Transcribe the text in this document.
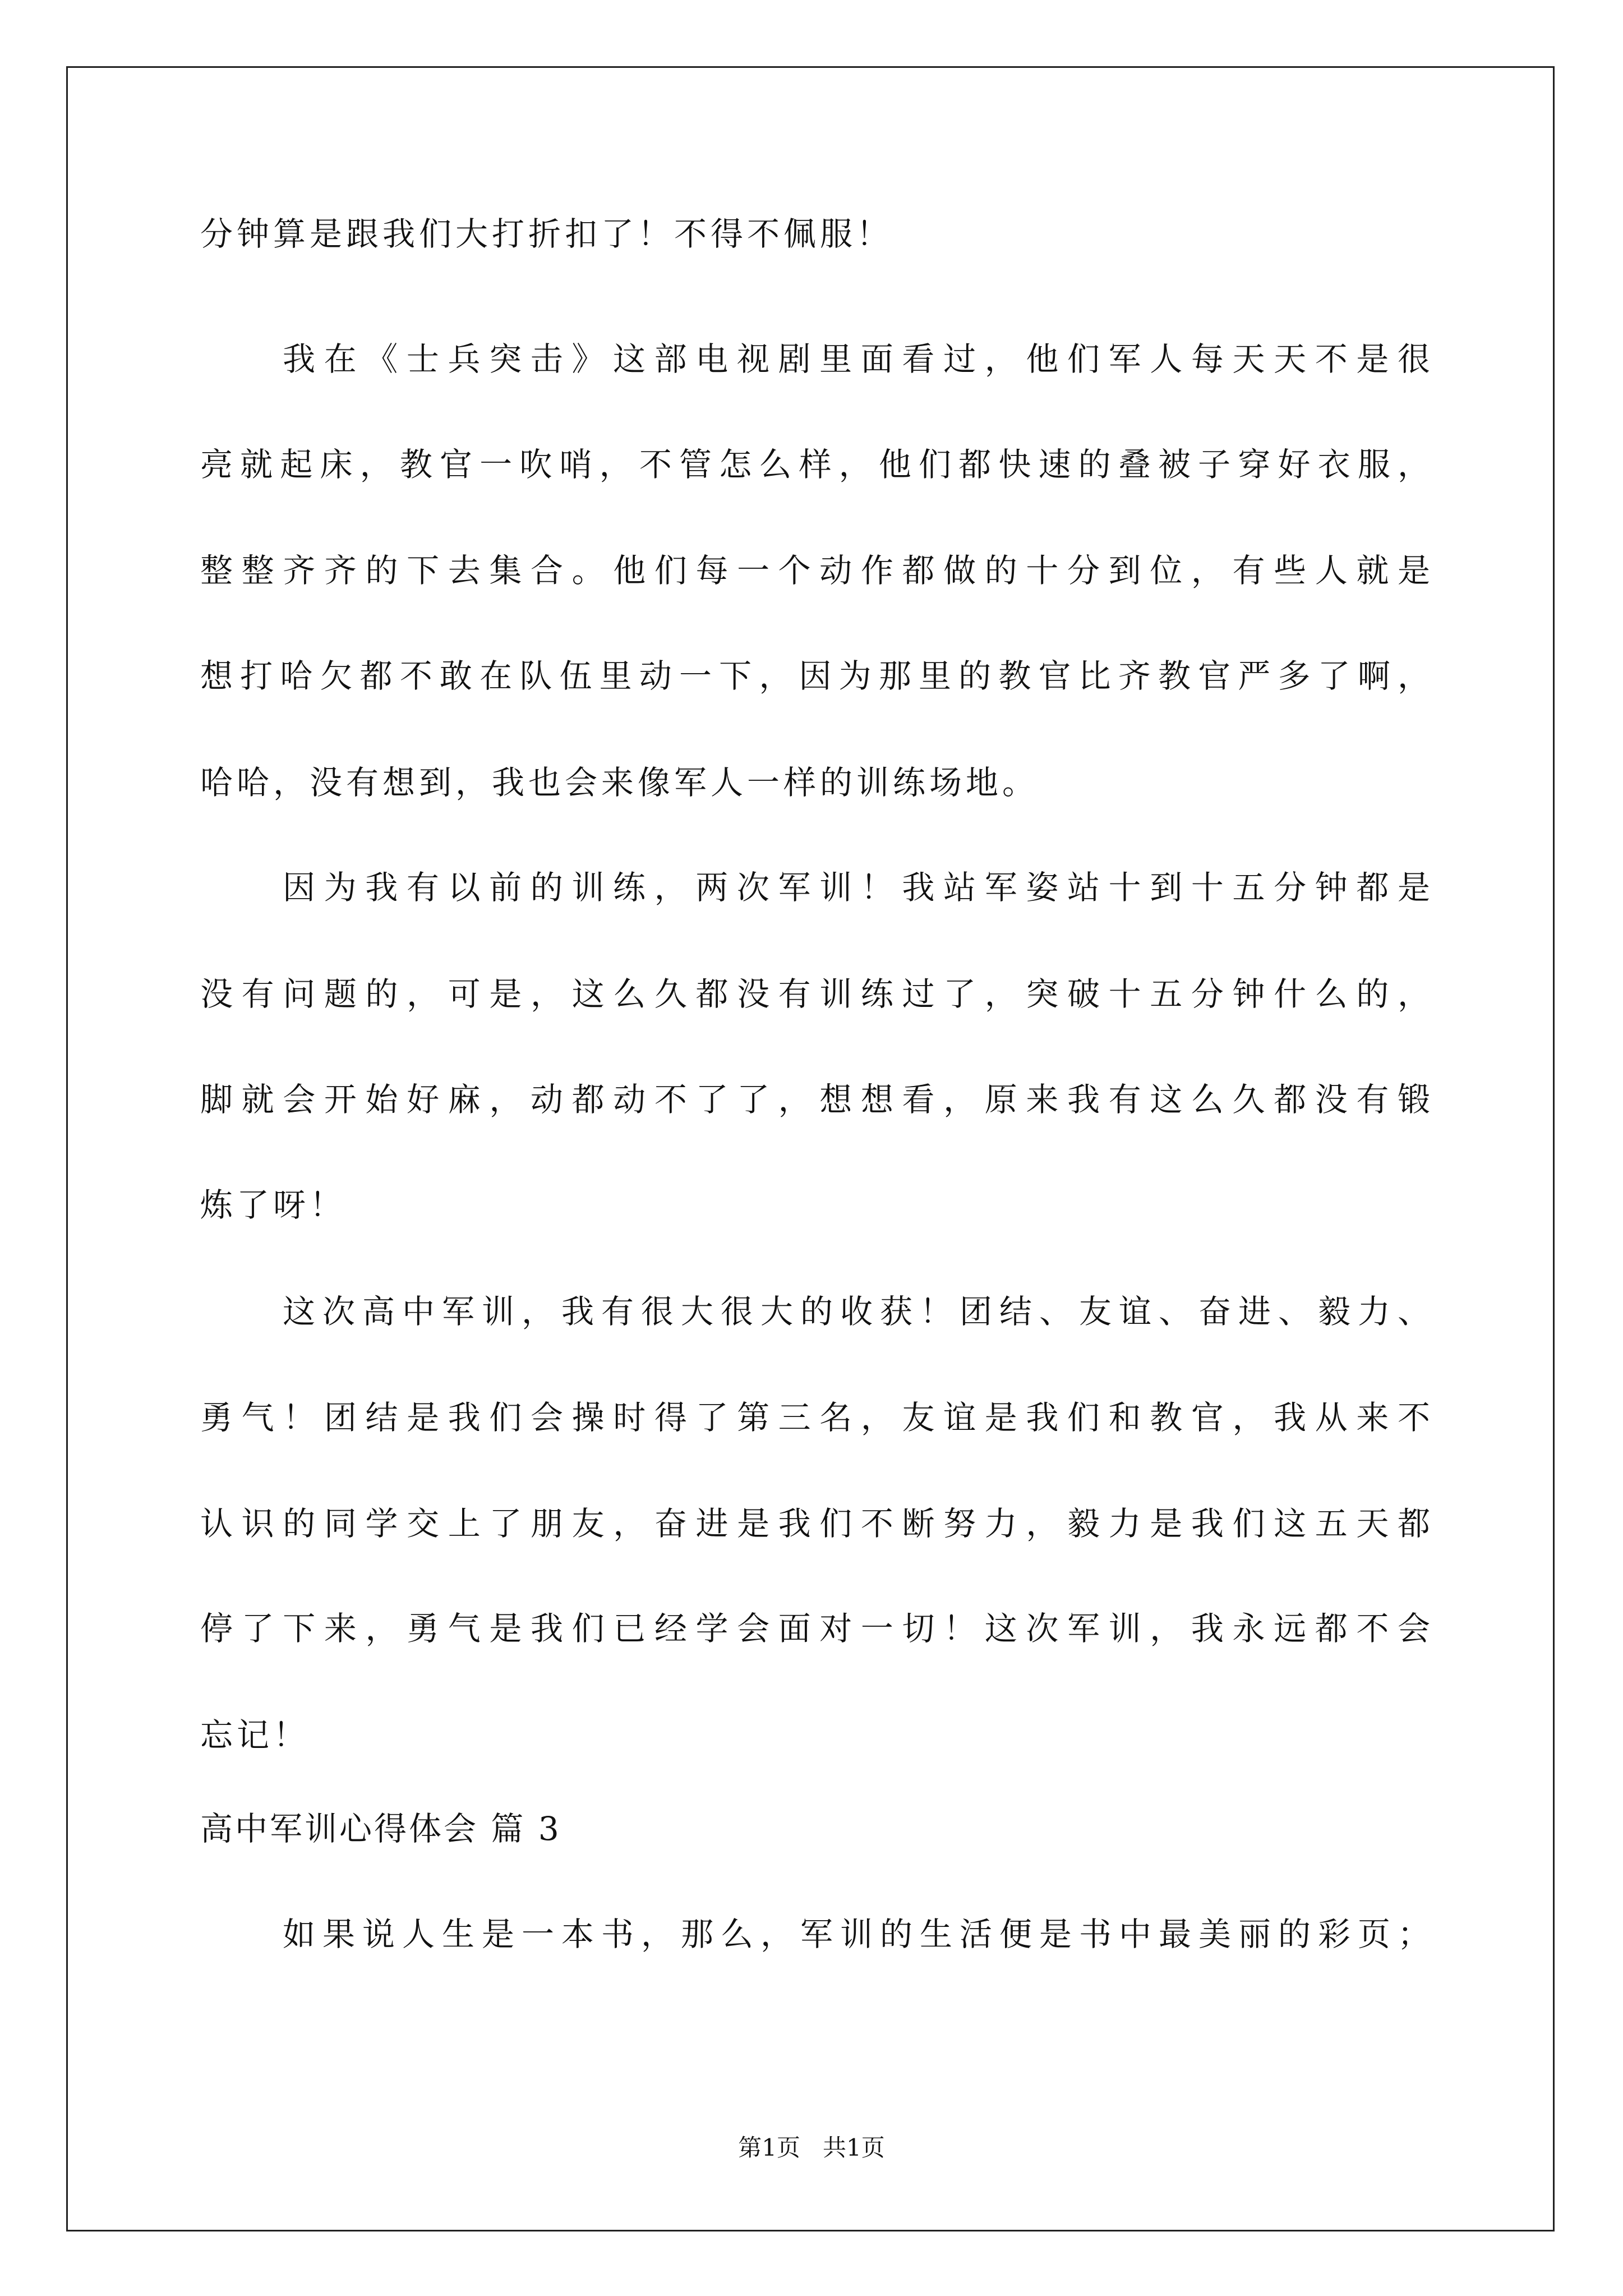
分钟算是跟我们大打折扣了！不得不佩服！
我在《士兵突击》这部电视剧里面看过，他们军人每天天不是很
亮就起床，教官一吹哨，不管怎么样，他们都快速的叠被子穿好衣服，
整整齐齐的下去集合。他们每一个动作都做的十分到位，有些人就是
想打哈欠都不敢在队伍里动一下，因为那里的教官比齐教官严多了啊，
哈哈，没有想到，我也会来像军人一样的训练场地。
因为我有以前的训练，两次军训！我站军姿站十到十五分钟都是
没有问题的，可是，这么久都没有训练过了，突破十五分钟什么的，
脚就会开始好麻，动都动不了了，想想看，原来我有这么久都没有锻
炼了呀！
这次高中军训，我有很大很大的收获！团结、友谊、奋进、毅力、
勇气！团结是我们会操时得了第三名，友谊是我们和教官，我从来不
认识的同学交上了朋友，奋进是我们不断努力，毅力是我们这五天都
停了下来，勇气是我们已经学会面对一切！这次军训，我永远都不会
忘记！
高中军训心得体会 篇 3
如果说人生是一本书，那么，军训的生活便是书中最美丽的彩页；
第1页 共1页
